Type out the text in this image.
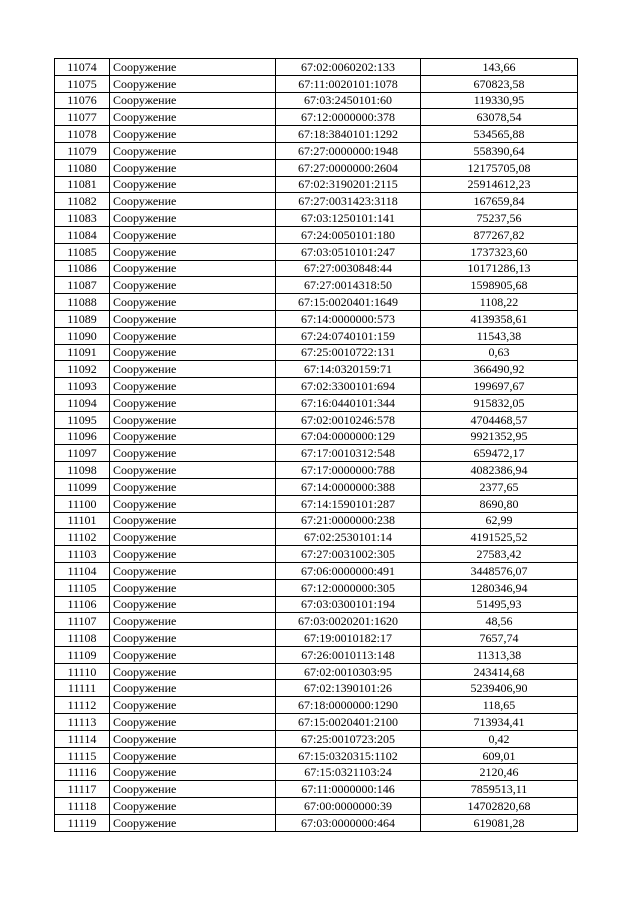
11074	Сооружение	67:02:0060202:133	143,66
11075	Сооружение	67:11:0020101:1078	670823,58
11076	Сооружение	67:03:2450101:60	119330,95
11077	Сооружение	67:12:0000000:378	63078,54
11078	Сооружение	67:18:3840101:1292	534565,88
11079	Сооружение	67:27:0000000:1948	558390,64
11080	Сооружение	67:27:0000000:2604	12175705,08
11081	Сооружение	67:02:3190201:2115	25914612,23
11082	Сооружение	67:27:0031423:3118	167659,84
11083	Сооружение	67:03:1250101:141	75237,56
11084	Сооружение	67:24:0050101:180	877267,82
11085	Сооружение	67:03:0510101:247	1737323,60
11086	Сооружение	67:27:0030848:44	10171286,13
11087	Сооружение	67:27:0014318:50	1598905,68
11088	Сооружение	67:15:0020401:1649	1108,22
11089	Сооружение	67:14:0000000:573	4139358,61
11090	Сооружение	67:24:0740101:159	11543,38
11091	Сооружение	67:25:0010722:131	0,63
11092	Сооружение	67:14:0320159:71	366490,92
11093	Сооружение	67:02:3300101:694	199697,67
11094	Сооружение	67:16:0440101:344	915832,05
11095	Сооружение	67:02:0010246:578	4704468,57
11096	Сооружение	67:04:0000000:129	9921352,95
11097	Сооружение	67:17:0010312:548	659472,17
11098	Сооружение	67:17:0000000:788	4082386,94
11099	Сооружение	67:14:0000000:388	2377,65
11100	Сооружение	67:14:1590101:287	8690,80
11101	Сооружение	67:21:0000000:238	62,99
11102	Сооружение	67:02:2530101:14	4191525,52
11103	Сооружение	67:27:0031002:305	27583,42
11104	Сооружение	67:06:0000000:491	3448576,07
11105	Сооружение	67:12:0000000:305	1280346,94
11106	Сооружение	67:03:0300101:194	51495,93
11107	Сооружение	67:03:0020201:1620	48,56
11108	Сооружение	67:19:0010182:17	7657,74
11109	Сооружение	67:26:0010113:148	11313,38
11110	Сооружение	67:02:0010303:95	243414,68
11111	Сооружение	67:02:1390101:26	5239406,90
11112	Сооружение	67:18:0000000:1290	118,65
11113	Сооружение	67:15:0020401:2100	713934,41
11114	Сооружение	67:25:0010723:205	0,42
11115	Сооружение	67:15:0320315:1102	609,01
11116	Сооружение	67:15:0321103:24	2120,46
11117	Сооружение	67:11:0000000:146	7859513,11
11118	Сооружение	67:00:0000000:39	14702820,68
11119	Сооружение	67:03:0000000:464	619081,28
